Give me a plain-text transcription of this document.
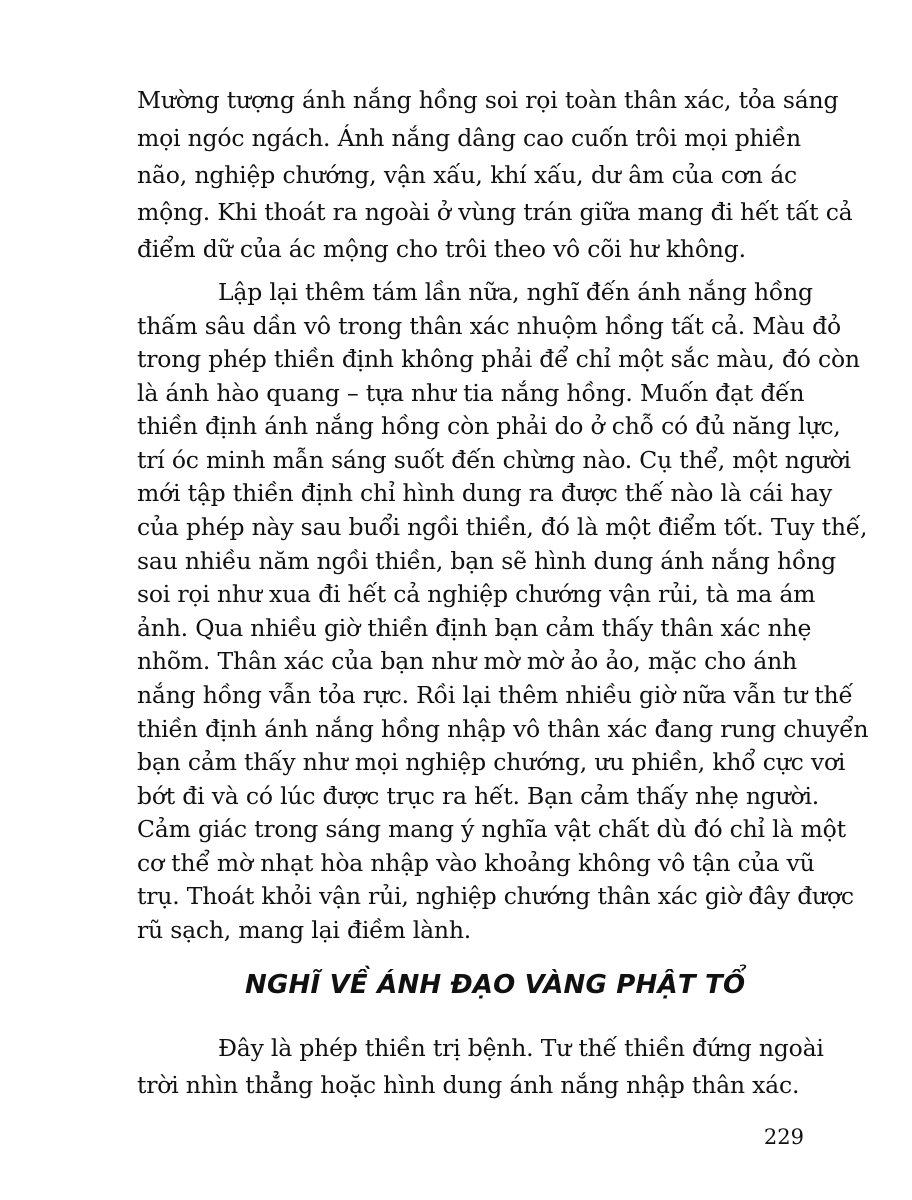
Mường tượng ánh nắng hồng soi rọi toàn thân xác, tỏa sáng
mọi ngóc ngách. Ánh nắng dâng cao cuốn trôi mọi phiền
não, nghiệp chướng, vận xấu, khí xấu, dư âm của cơn ác
mộng. Khi thoát ra ngoài ở vùng trán giữa mang đi hết tất cả
điểm dữ của ác mộng cho trôi theo vô cõi hư không.
Lập lại thêm tám lần nữa, nghĩ đến ánh nắng hồng
thấm sâu dần vô trong thân xác nhuộm hồng tất cả. Màu đỏ
trong phép thiền định không phải để chỉ một sắc màu, đó còn
là ánh hào quang – tựa như tia nắng hồng. Muốn đạt đến
thiền định ánh nắng hồng còn phải do ở chỗ có đủ năng lực,
trí óc minh mẫn sáng suốt đến chừng nào. Cụ thể, một người
mới tập thiền định chỉ hình dung ra được thế nào là cái hay
của phép này sau buổi ngồi thiền, đó là một điểm tốt. Tuy thế,
sau nhiều năm ngồi thiền, bạn sẽ hình dung ánh nắng hồng
soi rọi như xua đi hết cả nghiệp chướng vận rủi, tà ma ám
ảnh. Qua nhiều giờ thiền định bạn cảm thấy thân xác nhẹ
nhõm. Thân xác của bạn như mờ mờ ảo ảo, mặc cho ánh
nắng hồng vẫn tỏa rực. Rồi lại thêm nhiều giờ nữa vẫn tư thế
thiền định ánh nắng hồng nhập vô thân xác đang rung chuyển
bạn cảm thấy như mọi nghiệp chướng, ưu phiền, khổ cực vơi
bớt đi và có lúc được trục ra hết. Bạn cảm thấy nhẹ người.
Cảm giác trong sáng mang ý nghĩa vật chất dù đó chỉ là một
cơ thể mờ nhạt hòa nhập vào khoảng không vô tận của vũ
trụ. Thoát khỏi vận rủi, nghiệp chướng thân xác giờ đây được
rũ sạch, mang lại điềm lành.
NGHĨ VỀ ÁNH ĐẠO VÀNG PHẬT TỔ
Đây là phép thiền trị bệnh. Tư thế thiền đứng ngoài
trời nhìn thẳng hoặc hình dung ánh nắng nhập thân xác.
229
